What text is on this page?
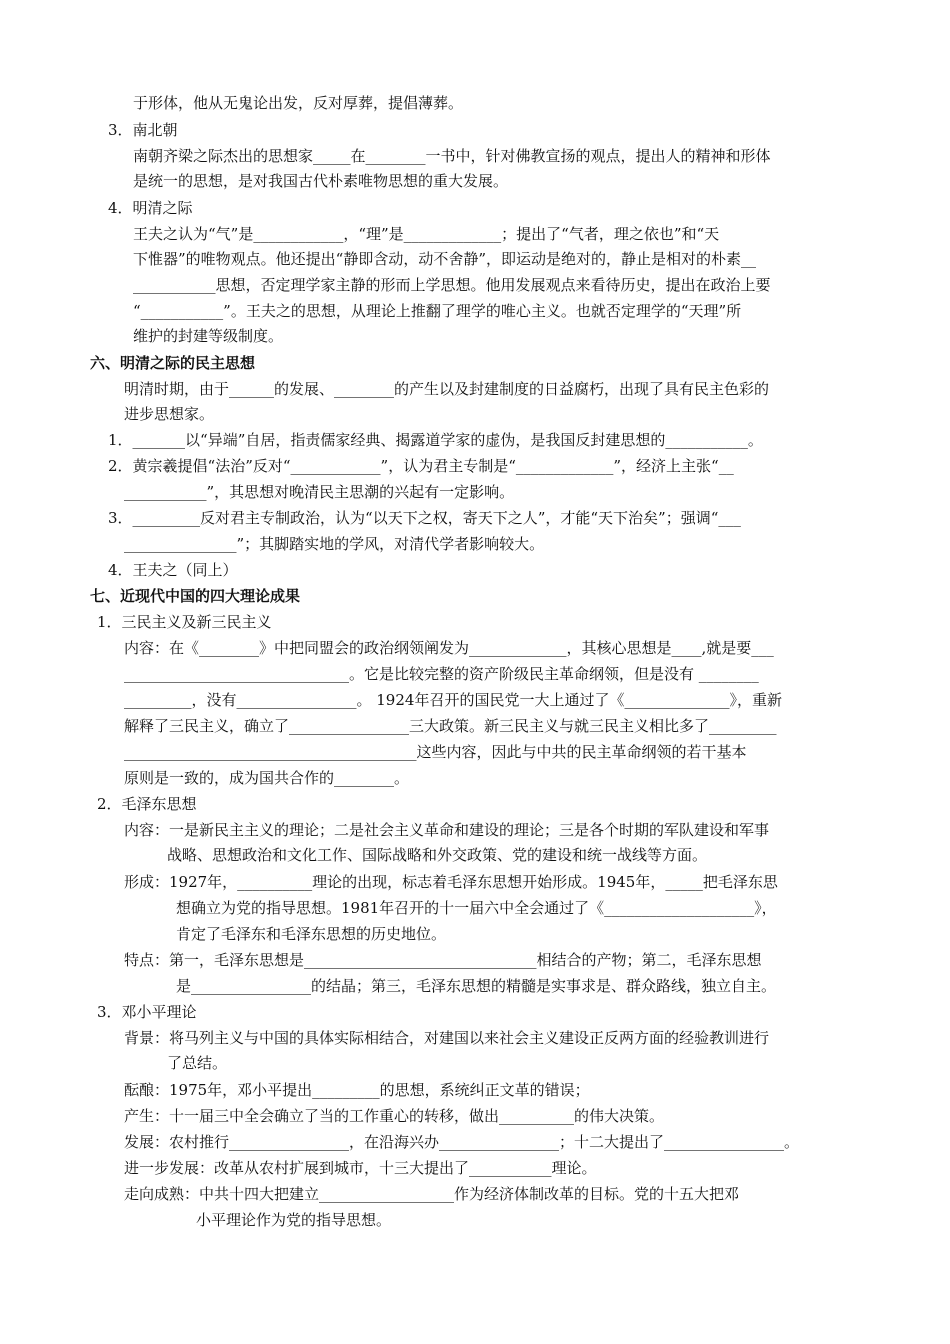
于形体，他从无鬼论出发，反对厚葬，提倡薄葬。
3．南北朝
南朝齐梁之际杰出的思想家_____在________一书中，针对佛教宣扬的观点，提出人的精神和形体
是统一的思想，是对我国古代朴素唯物思想的重大发展。
4．明清之际
王夫之认为“气”是____________，“理”是_____________；提出了“气者，理之依也”和“天
下惟器”的唯物观点。他还提出“静即含动，动不舍静”，即运动是绝对的，静止是相对的朴素__
___________思想，否定理学家主静的形而上学思想。他用发展观点来看待历史，提出在政治上要
“___________”。王夫之的思想，从理论上推翻了理学的唯心主义。也就否定理学的“天理”所
维护的封建等级制度。
六、明清之际的民主思想
明清时期，由于______的发展、________的产生以及封建制度的日益腐朽，出现了具有民主色彩的
进步思想家。
1．_______以“异端”自居，指责儒家经典、揭露道学家的虚伪，是我国反封建思想的___________。
2．黄宗羲提倡“法治”反对“____________”，认为君主专制是“_____________”，经济上主张“__
___________”，其思想对晚清民主思潮的兴起有一定影响。
3．_________反对君主专制政治，认为“以天下之权，寄天下之人”，才能“天下治矣”；强调“___
_______________”；其脚踏实地的学风，对清代学者影响较大。
4．王夫之（同上）
七、近现代中国的四大理论成果
1．三民主义及新三民主义
内容：在《________》中把同盟会的政治纲领阐发为_____________，其核心思想是____,就是要___
______________________________。它是比较完整的资产阶级民主革命纲领，但是没有 ________
_________，没有________________。 1924年召开的国民党一大上通过了《______________》，重新
解释了三民主义，确立了________________三大政策。新三民主义与就三民主义相比多了_________
_______________________________________这些内容，因此与中共的民主革命纲领的若干基本
原则是一致的，成为国共合作的________。
2．毛泽东思想
内容：一是新民主主义的理论；二是社会主义革命和建设的理论；三是各个时期的军队建设和军事
战略、思想政治和文化工作、国际战略和外交政策、党的建设和统一战线等方面。
形成：1927年，__________理论的出现，标志着毛泽东思想开始形成。1945年，_____把毛泽东思
想确立为党的指导思想。1981年召开的十一届六中全会通过了《____________________》，
肯定了毛泽东和毛泽东思想的历史地位。
特点：第一，毛泽东思想是_______________________________相结合的产物；第二，毛泽东思想
是________________的结晶；第三，毛泽东思想的精髓是实事求是、群众路线，独立自主。
3．邓小平理论
背景：将马列主义与中国的具体实际相结合，对建国以来社会主义建设正反两方面的经验教训进行
了总结。
酝酿：1975年，邓小平提出_________的思想，系统纠正文革的错误；
产生：十一届三中全会确立了当的工作重心的转移，做出__________的伟大决策。
发展：农村推行________________，在沿海兴办________________；十二大提出了________________。
进一步发展：改革从农村扩展到城市，十三大提出了___________理论。
走向成熟：中共十四大把建立__________________作为经济体制改革的目标。党的十五大把邓
小平理论作为党的指导思想。
